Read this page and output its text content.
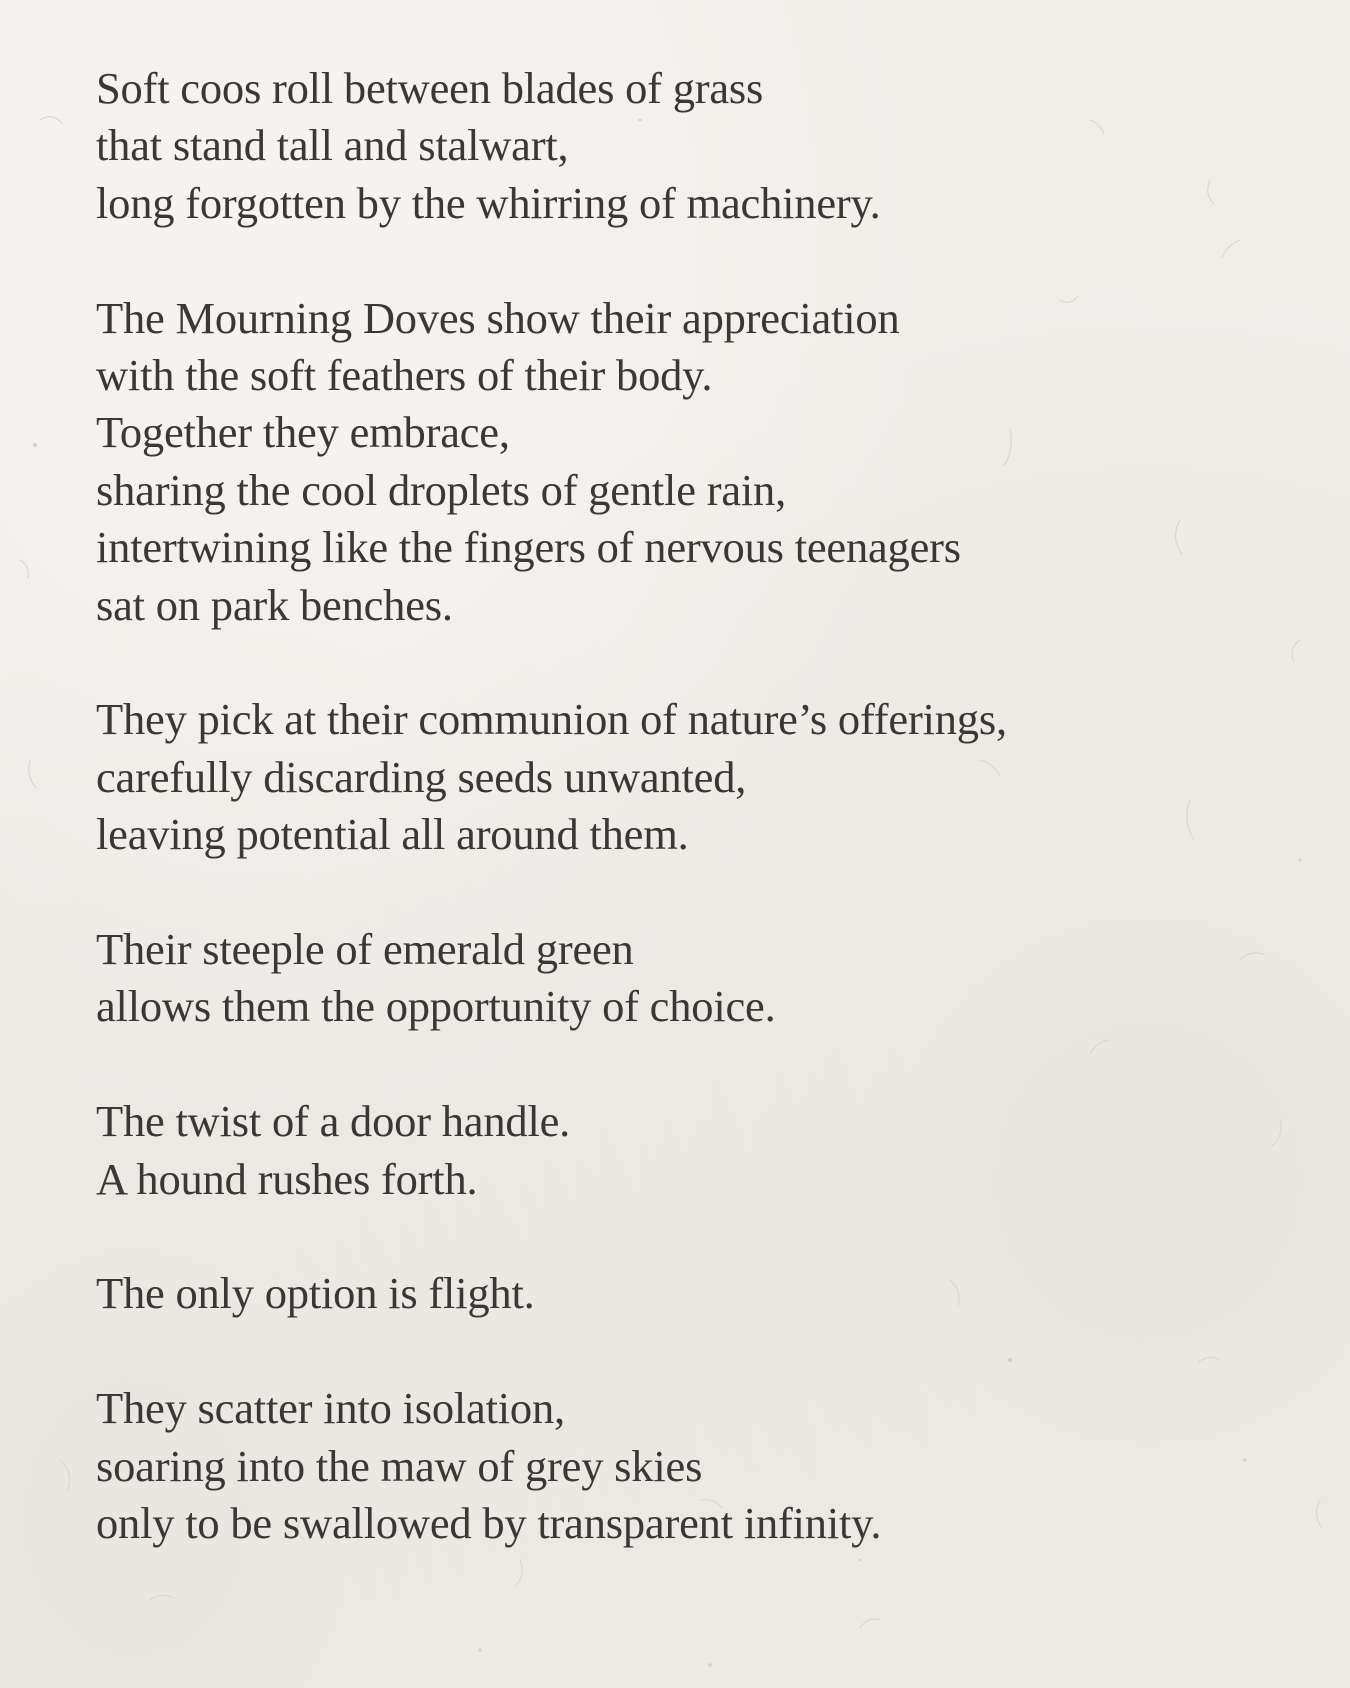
Soft coos roll between blades of grass
that stand tall and stalwart,
long forgotten by the whirring of machinery.
The Mourning Doves show their appreciation
with the soft feathers of their body.
Together they embrace,
sharing the cool droplets of gentle rain,
intertwining like the fingers of nervous teenagers
sat on park benches.
They pick at their communion of nature’s offerings,
carefully discarding seeds unwanted,
leaving potential all around them.
Their steeple of emerald green
allows them the opportunity of choice.
The twist of a door handle.
A hound rushes forth.
The only option is flight.
They scatter into isolation,
soaring into the maw of grey skies
only to be swallowed by transparent infinity.
